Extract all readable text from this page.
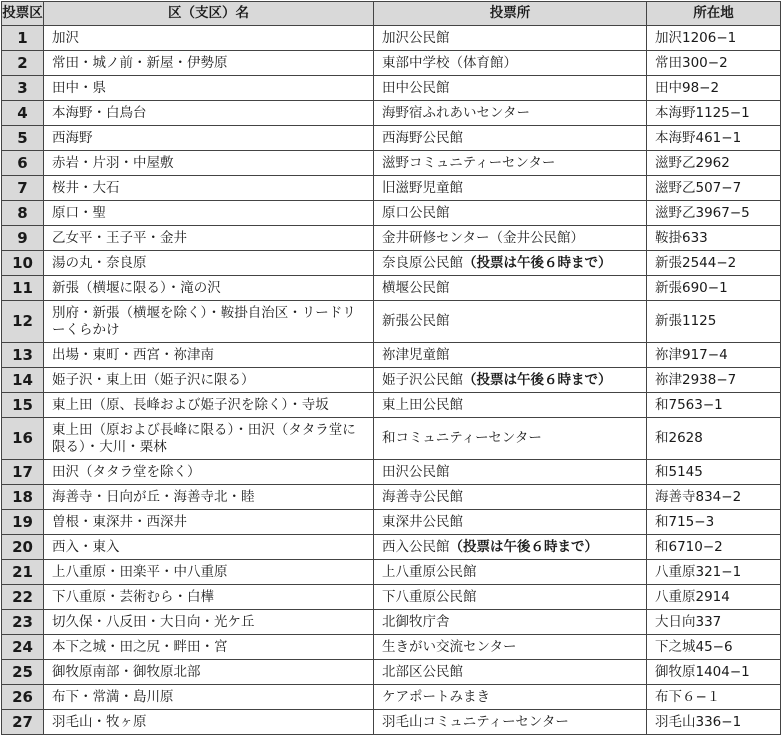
投票区	区（支区）名	投票所	所在地
1	加沢	加沢公民館	加沢1206−1
2	常田・城ノ前・新屋・伊勢原	東部中学校（体育館）	常田300−2
3	田中・県	田中公民館	田中98−2
4	本海野・白鳥台	海野宿ふれあいセンター	本海野1125−1
5	西海野	西海野公民館	本海野461−1
6	赤岩・片羽・中屋敷	滋野コミュニティーセンター	滋野乙2962
7	桜井・大石	旧滋野児童館	滋野乙507−7
8	原口・聖	原口公民館	滋野乙3967−5
9	乙女平・王子平・金井	金井研修センター（金井公民館）	鞍掛633
10	湯の丸・奈良原	奈良原公民館（投票は午後６時まで）	新張2544−2
11	新張（横堰に限る）・滝の沢	横堰公民館	新張690−1
12	別府・新張（横堰を除く）・鞍掛自治区・リードリーくらかけ	新張公民館	新張1125
13	出場・東町・西宮・祢津南	祢津児童館	祢津917−4
14	姫子沢・東上田（姫子沢に限る）	姫子沢公民館（投票は午後６時まで）	祢津2938−7
15	東上田（原、長峰および姫子沢を除く）・寺坂	東上田公民館	和7563−1
16	東上田（原および長峰に限る）・田沢（タタラ堂に限る）・大川・栗林	和コミュニティーセンター	和2628
17	田沢（タタラ堂を除く）	田沢公民館	和5145
18	海善寺・日向が丘・海善寺北・睦	海善寺公民館	海善寺834−2
19	曽根・東深井・西深井	東深井公民館	和715−3
20	西入・東入	西入公民館（投票は午後６時まで）	和6710−2
21	上八重原・田楽平・中八重原	上八重原公民館	八重原321−1
22	下八重原・芸術むら・白樺	下八重原公民館	八重原2914
23	切久保・八反田・大日向・光ケ丘	北御牧庁舎	大日向337
24	本下之城・田之尻・畔田・宮	生きがい交流センター	下之城45−6
25	御牧原南部・御牧原北部	北部区公民館	御牧原1404−1
26	布下・常満・島川原	ケアポートみまき	布下６−１
27	羽毛山・牧ヶ原	羽毛山コミュニティーセンター	羽毛山336−1
